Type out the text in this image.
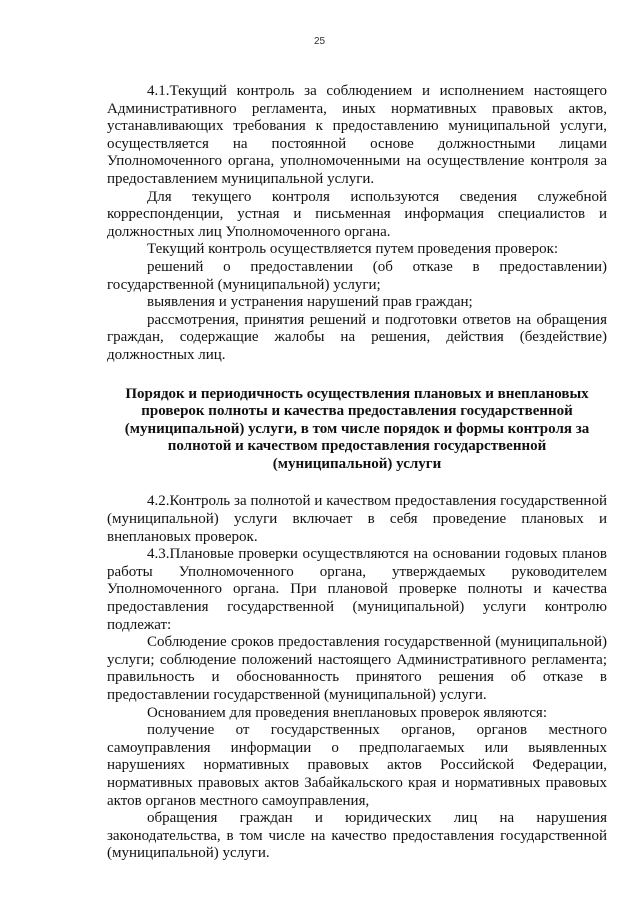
25

4.1.Текущий контроль за соблюдением и исполнением настоящего Административного регламента, иных нормативных правовых актов, устанавливающих требования к предоставлению муниципальной услуги, осуществляется на постоянной основе должностными лицами Уполномоченного органа, уполномоченными на осуществление контроля за предоставлением муниципальной услуги.

Для текущего контроля используются сведения служебной корреспонденции, устная и письменная информация специалистов и должностных лиц Уполномоченного органа.

Текущий контроль осуществляется путем проведения проверок:

решений о предоставлении (об отказе в предоставлении) государственной (муниципальной) услуги;

выявления и устранения нарушений прав граждан;

рассмотрения, принятия решений и подготовки ответов на обращения граждан, содержащие жалобы на решения, действия (бездействие) должностных лиц.

Порядок и периодичность осуществления плановых и внеплановых проверок полноты и качества предоставления государственной (муниципальной) услуги, в том числе порядок и формы контроля за полнотой и качеством предоставления государственной (муниципальной) услуги

4.2.Контроль за полнотой и качеством предоставления государственной (муниципальной) услуги включает в себя проведение плановых и внеплановых проверок.

4.3.Плановые проверки осуществляются на основании годовых планов работы Уполномоченного органа, утверждаемых руководителем Уполномоченного органа. При плановой проверке полноты и качества предоставления государственной (муниципальной) услуги контролю подлежат:

Соблюдение сроков предоставления государственной (муниципальной) услуги; соблюдение положений настоящего Административного регламента; правильность и обоснованность принятого решения об отказе в предоставлении государственной (муниципальной) услуги.

Основанием для проведения внеплановых проверок являются:

получение от государственных органов, органов местного самоуправления информации о предполагаемых или выявленных нарушениях нормативных правовых актов Российской Федерации, нормативных правовых актов Забайкальского края и нормативных правовых актов органов местного самоуправления,

обращения граждан и юридических лиц на нарушения законодательства, в том числе на качество предоставления государственной (муниципальной) услуги.
